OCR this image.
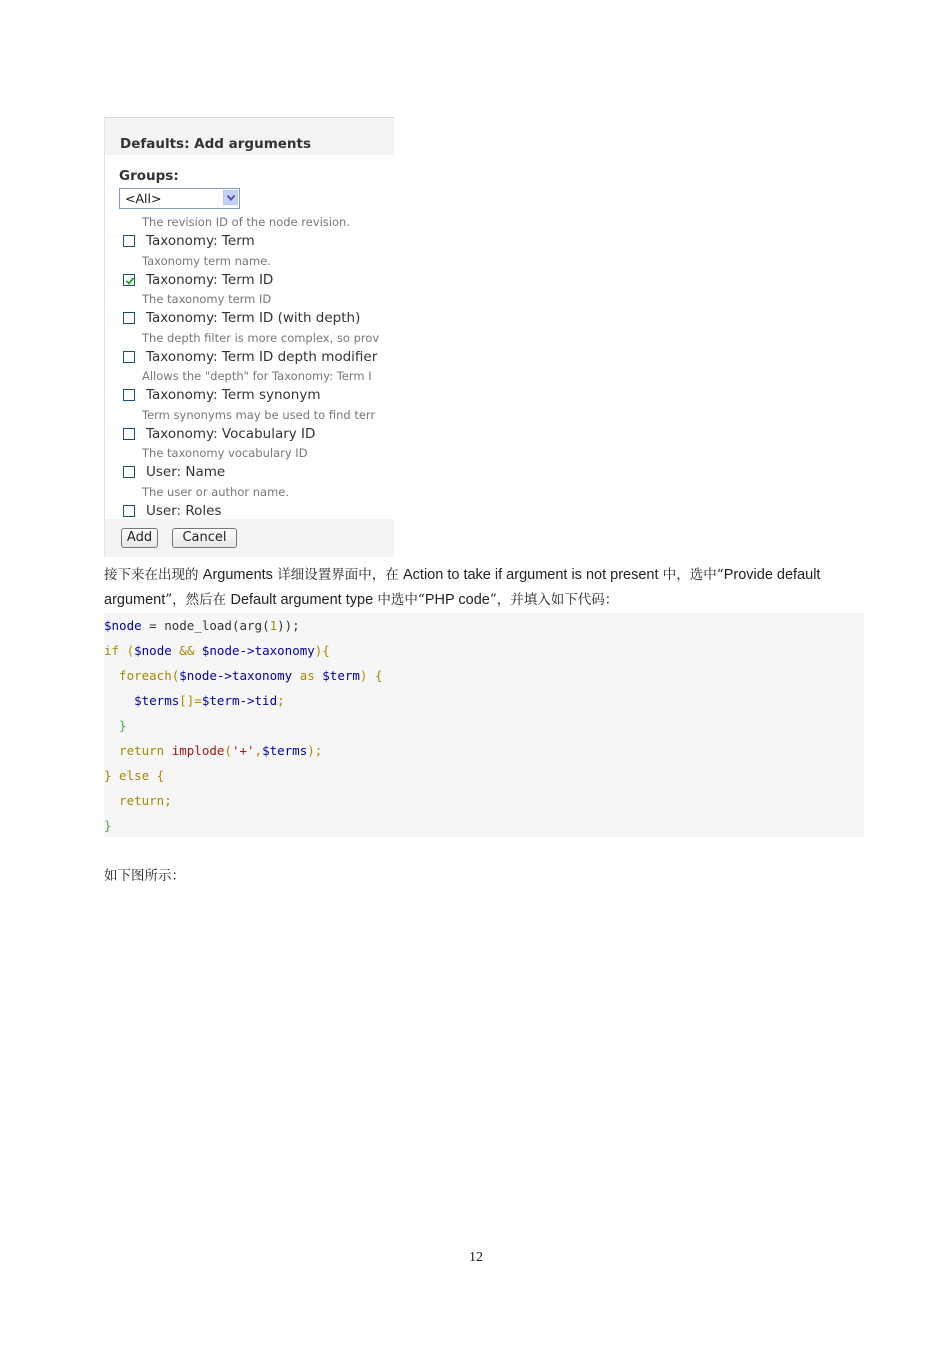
Defaults: Add arguments
Groups:
<All>
The revision ID of the node revision.
Taxonomy: Term
Taxonomy term name.
Taxonomy: Term ID
The taxonomy term ID
Taxonomy: Term ID (with depth)
The depth filter is more complex, so prov
Taxonomy: Term ID depth modifier
Allows the "depth" for Taxonomy: Term I
Taxonomy: Term synonym
Term synonyms may be used to find terr
Taxonomy: Vocabulary ID
The taxonomy vocabulary ID
User: Name
The user or author name.
User: Roles
Add	Cancel
接下来在出现的 Arguments 详细设置界面中，在 Action to take if argument is not present 中，选中“Provide default argument”，然后在 Default argument type 中选中“PHP code”，并填入如下代码：
$node = node_load(arg(1));
if ($node && $node->taxonomy){
foreach($node->taxonomy as $term) {
$terms[]=$term->tid;
}
return implode('+',$terms);
} else {
return;
}
如下图所示：
12
